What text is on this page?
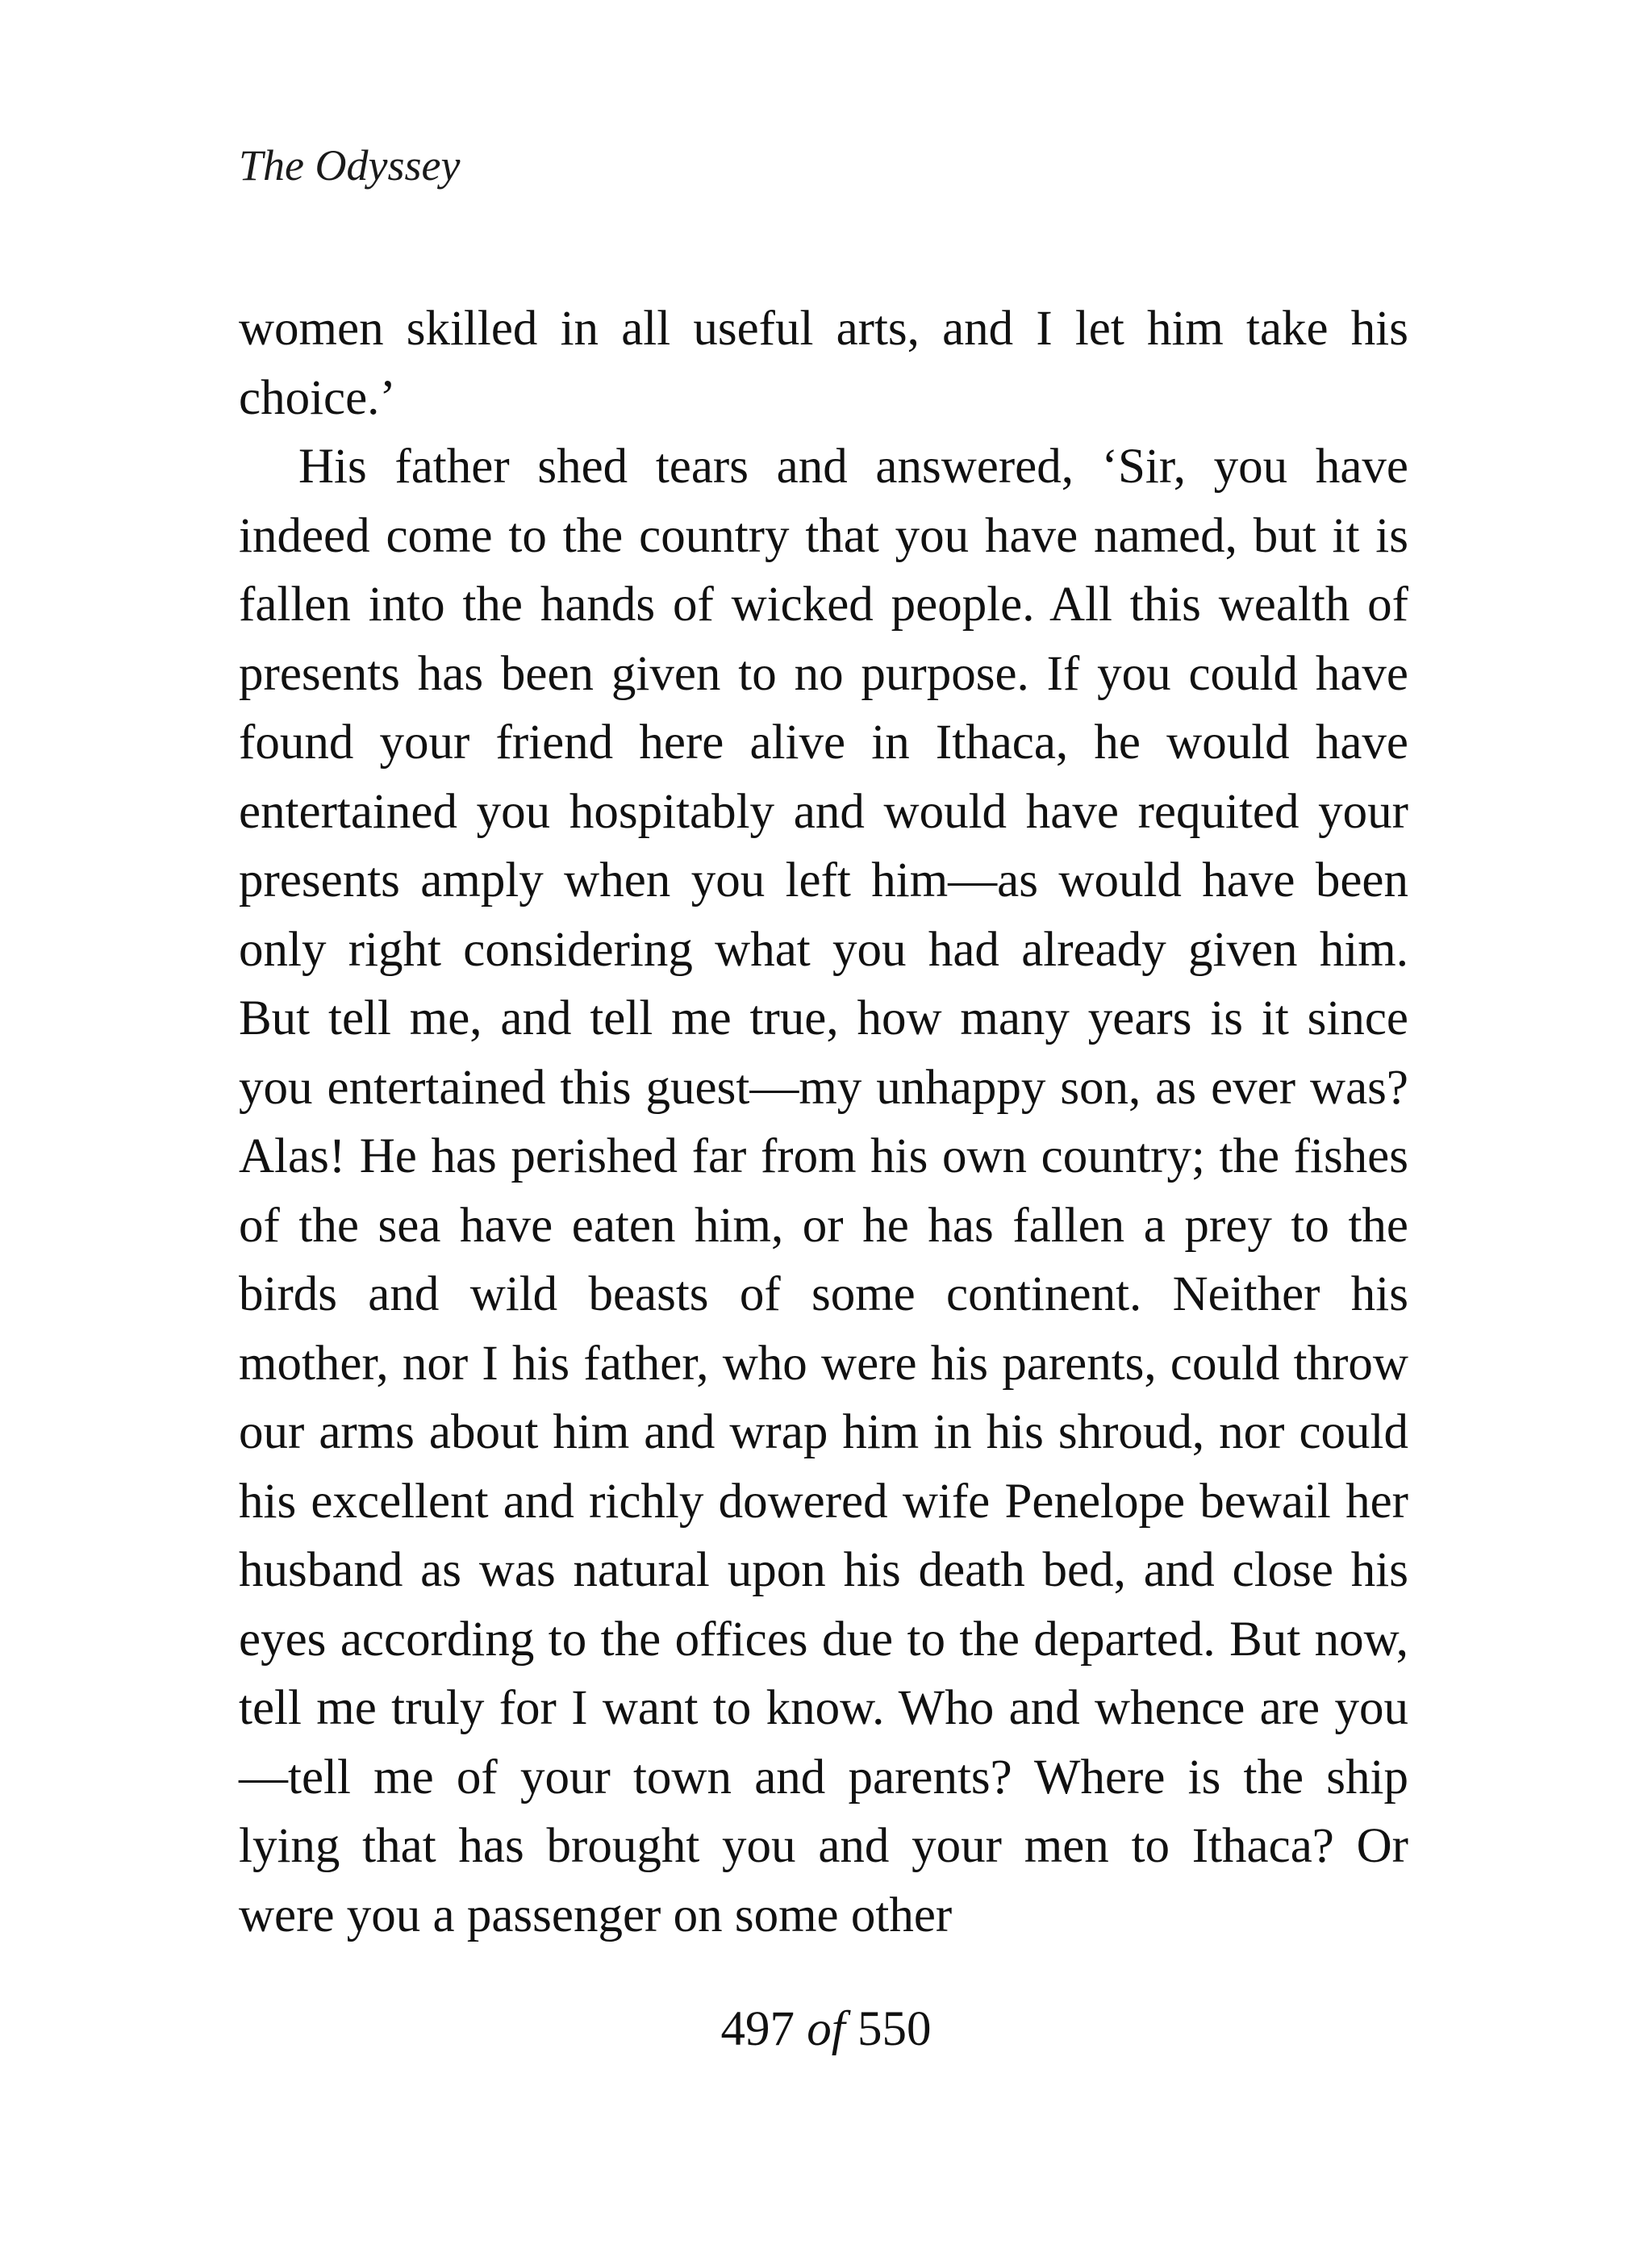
The Odyssey

women skilled in all useful arts, and I let him take his choice.’

His father shed tears and answered, ‘Sir, you have indeed come to the country that you have named, but it is fallen into the hands of wicked people. All this wealth of presents has been given to no purpose. If you could have found your friend here alive in Ithaca, he would have entertained you hospitably and would have requited your presents amply when you left him—as would have been only right considering what you had already given him. But tell me, and tell me true, how many years is it since you entertained this guest—my unhappy son, as ever was? Alas! He has perished far from his own country; the fishes of the sea have eaten him, or he has fallen a prey to the birds and wild beasts of some continent. Neither his mother, nor I his father, who were his parents, could throw our arms about him and wrap him in his shroud, nor could his excellent and richly dowered wife Penelope bewail her husband as was natural upon his death bed, and close his eyes according to the offices due to the departed. But now, tell me truly for I want to know. Who and whence are you—tell me of your town and parents? Where is the ship lying that has brought you and your men to Ithaca? Or were you a passenger on some other

497 of 550
